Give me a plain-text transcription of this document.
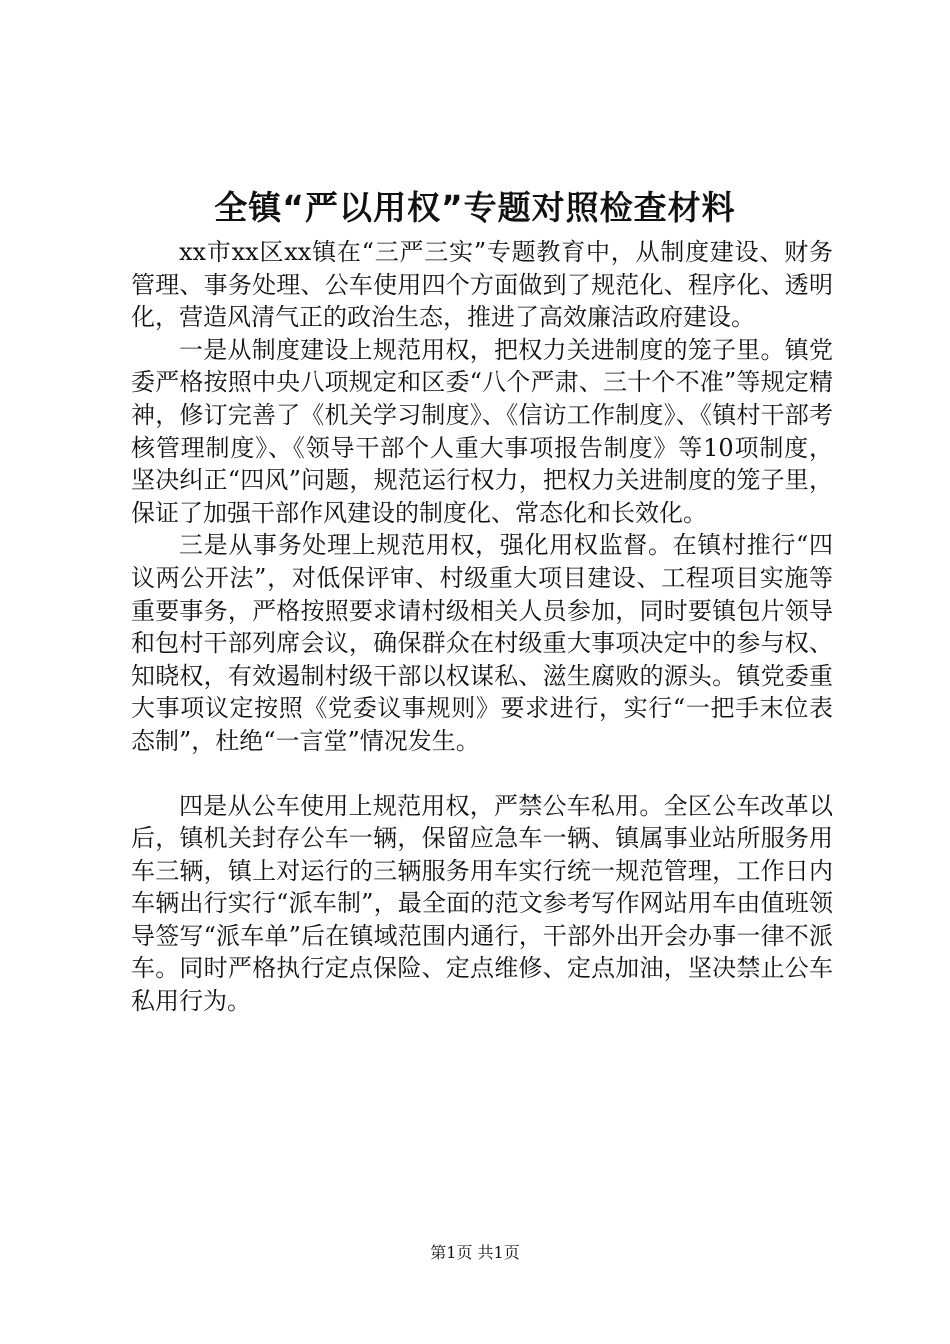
全镇“严以用权”专题对照检查材料

xx市xx区xx镇在“三严三实”专题教育中，从制度建设、财务管理、事务处理、公车使用四个方面做到了规范化、程序化、透明化，营造风清气正的政治生态，推进了高效廉洁政府建设。

一是从制度建设上规范用权，把权力关进制度的笼子里。镇党委严格按照中央八项规定和区委“八个严肃、三十个不准”等规定精神，修订完善了《机关学习制度》、《信访工作制度》、《镇村干部考核管理制度》、《领导干部个人重大事项报告制度》等10项制度，坚决纠正“四风”问题，规范运行权力，把权力关进制度的笼子里，保证了加强干部作风建设的制度化、常态化和长效化。

三是从事务处理上规范用权，强化用权监督。在镇村推行“四议两公开法”，对低保评审、村级重大项目建设、工程项目实施等重要事务，严格按照要求请村级相关人员参加，同时要镇包片领导和包村干部列席会议，确保群众在村级重大事项决定中的参与权、知晓权，有效遏制村级干部以权谋私、滋生腐败的源头。镇党委重大事项议定按照《党委议事规则》要求进行，实行“一把手末位表态制”，杜绝“一言堂”情况发生。

四是从公车使用上规范用权，严禁公车私用。全区公车改革以后，镇机关封存公车一辆，保留应急车一辆、镇属事业站所服务用车三辆，镇上对运行的三辆服务用车实行统一规范管理，工作日内车辆出行实行“派车制”，最全面的范文参考写作网站用车由值班领导签写“派车单”后在镇域范围内通行，干部外出开会办事一律不派车。同时严格执行定点保险、定点维修、定点加油，坚决禁止公车私用行为。

第1页 共1页
